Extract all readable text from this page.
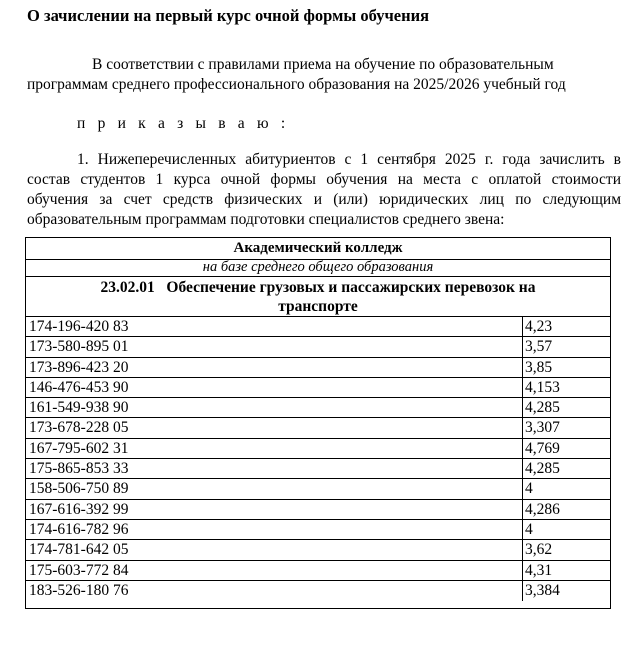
О зачислении на первый курс очной формы обучения
В соответствии с правилами приема на обучение по образовательным
программам среднего профессионального образования на 2025/2026 учебный год
п р и к а з ы в а ю :
1. Нижеперечисленных абитуриентов с 1 сентября 2025 г. года зачислить в
состав студентов 1 курса очной формы обучения на места с оплатой стоимости
обучения за счет средств физических и (или) юридических лиц по следующим
образовательным программам подготовки специалистов среднего звена:
Академический колледж
на базе среднего общего образования
23.02.01   Обеспечение грузовых и пассажирских перевозок на
транспорте
174-196-420 83	4,23
173-580-895 01	3,57
173-896-423 20	3,85
146-476-453 90	4,153
161-549-938 90	4,285
173-678-228 05	3,307
167-795-602 31	4,769
175-865-853 33	4,285
158-506-750 89	4
167-616-392 99	4,286
174-616-782 96	4
174-781-642 05	3,62
175-603-772 84	4,31
183-526-180 76	3,384
